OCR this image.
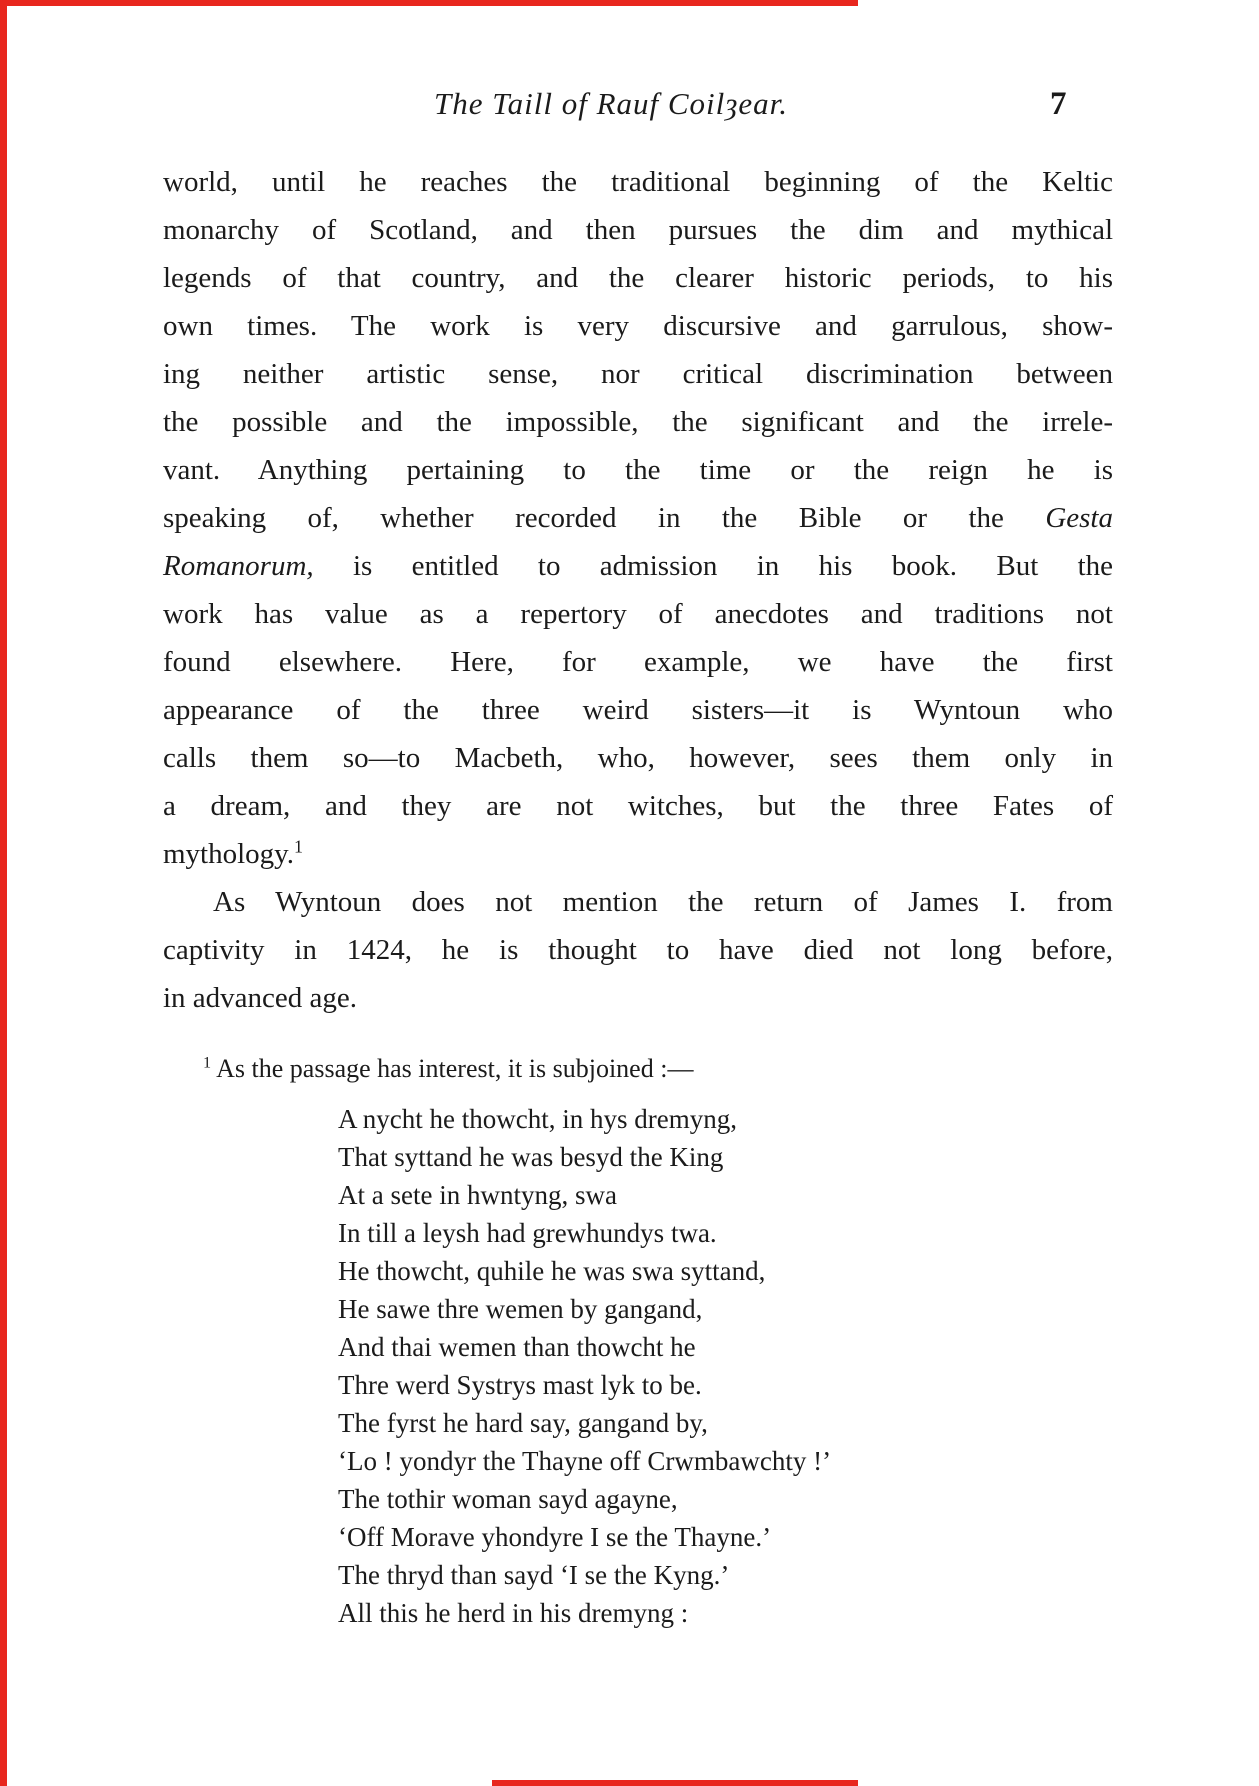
The Taill of Rauf Coilȝear.	7
world, until he reaches the traditional beginning of the Keltic
monarchy of Scotland, and then pursues the dim and mythical
legends of that country, and the clearer historic periods, to his
own times. The work is very discursive and garrulous, show-
ing neither artistic sense, nor critical discrimination between
the possible and the impossible, the significant and the irrele-
vant. Anything pertaining to the time or the reign he is
speaking of, whether recorded in the Bible or the Gesta
Romanorum, is entitled to admission in his book. But the
work has value as a repertory of anecdotes and traditions not
found elsewhere. Here, for example, we have the first
appearance of the three weird sisters—it is Wyntoun who
calls them so—to Macbeth, who, however, sees them only in
a dream, and they are not witches, but the three Fates of
mythology.$^1$
As Wyntoun does not mention the return of James I. from
captivity in 1424, he is thought to have died not long before,
in advanced age.
$^1$ As the passage has interest, it is subjoined :—
A nycht he thowcht, in hys dremyng,
That syttand he was besyd the King
At a sete in hwntyng, swa
In till a leysh had grewhundys twa.
He thowcht, quhile he was swa syttand,
He sawe thre wemen by gangand,
And thai wemen than thowcht he
Thre werd Systrys mast lyk to be.
The fyrst he hard say, gangand by,
‘Lo ! yondyr the Thayne off Crwmbawchty !’
The tothir woman sayd agayne,
‘Off Morave yhondyre I se the Thayne.’
The thryd than sayd ‘I se the Kyng.’
All this he herd in his dremyng :
